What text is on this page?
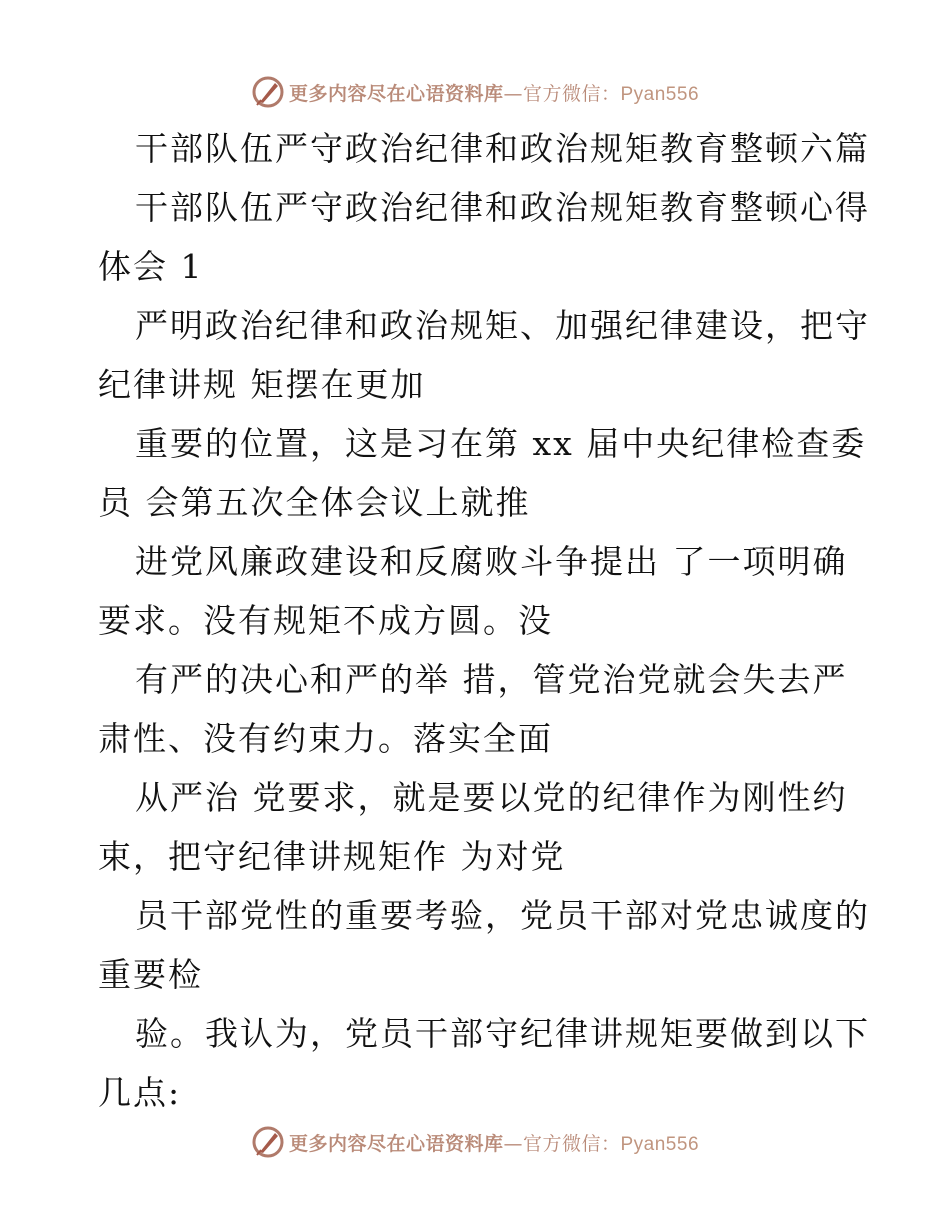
更多内容尽在心语资料库—官方微信：Pyan556
干部队伍严守政治纪律和政治规矩教育整顿六篇
干部队伍严守政治纪律和政治规矩教育整顿心得
体会 1
严明政治纪律和政治规矩、加强纪律建设，把守
纪律讲规 矩摆在更加
重要的位置，这是习在第 xx 届中央纪律检查委
员 会第五次全体会议上就推
进党风廉政建设和反腐败斗争提出 了一项明确
要求。没有规矩不成方圆。没
有严的决心和严的举 措，管党治党就会失去严
肃性、没有约束力。落实全面
从严治 党要求，就是要以党的纪律作为刚性约
束，把守纪律讲规矩作 为对党
员干部党性的重要考验，党员干部对党忠诚度的
重要检
验。我认为，党员干部守纪律讲规矩要做到以下
几点:
更多内容尽在心语资料库—官方微信：Pyan556
